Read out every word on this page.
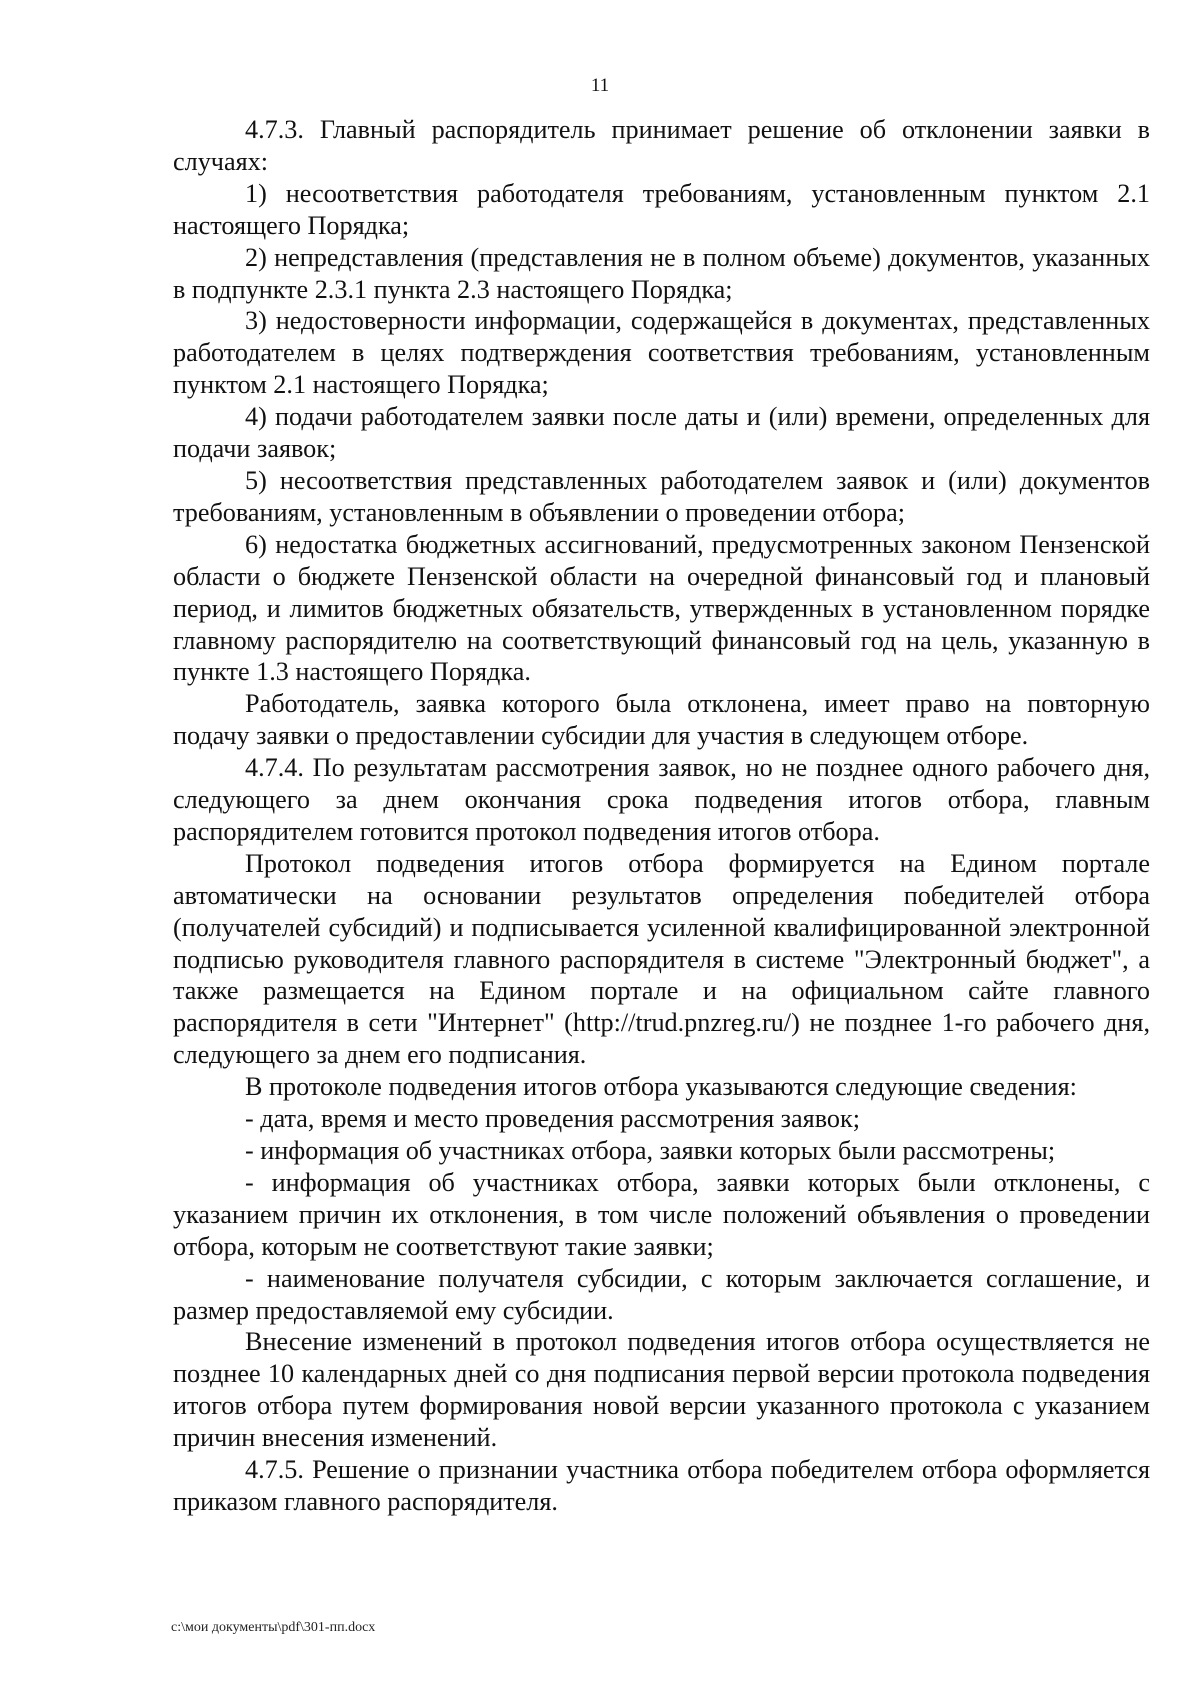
11

4.7.3. Главный распорядитель принимает решение об отклонении заявки в случаях:

1) несоответствия работодателя требованиям, установленным пунктом 2.1 настоящего Порядка;

2) непредставления (представления не в полном объеме) документов, указанных в подпункте 2.3.1 пункта 2.3 настоящего Порядка;

3) недостоверности информации, содержащейся в документах, представленных работодателем в целях подтверждения соответствия требованиям, установленным пунктом 2.1 настоящего Порядка;

4) подачи работодателем заявки после даты и (или) времени, определенных для подачи заявок;

5) несоответствия представленных работодателем заявок и (или) документов требованиям, установленным в объявлении о проведении отбора;

6) недостатка бюджетных ассигнований, предусмотренных законом Пензенской области о бюджете Пензенской области на очередной финансовый год и плановый период, и лимитов бюджетных обязательств, утвержденных в установленном порядке главному распорядителю на соответствующий финансовый год на цель, указанную в пункте 1.3 настоящего Порядка.

Работодатель, заявка которого была отклонена, имеет право на повторную подачу заявки о предоставлении субсидии для участия в следующем отборе.

4.7.4. По результатам рассмотрения заявок, но не позднее одного рабочего дня, следующего за днем окончания срока подведения итогов отбора, главным распорядителем готовится протокол подведения итогов отбора.

Протокол подведения итогов отбора формируется на Едином портале автоматически на основании результатов определения победителей отбора (получателей субсидий) и подписывается усиленной квалифицированной электронной подписью руководителя главного распорядителя в системе "Электронный бюджет", а также размещается на Едином портале и на официальном сайте главного распорядителя в сети "Интернет" (http://trud.pnzreg.ru/) не позднее 1-го рабочего дня, следующего за днем его подписания.

В протоколе подведения итогов отбора указываются следующие сведения:

- дата, время и место проведения рассмотрения заявок;

- информация об участниках отбора, заявки которых были рассмотрены;

- информация об участниках отбора, заявки которых были отклонены, с указанием причин их отклонения, в том числе положений объявления о проведении отбора, которым не соответствуют такие заявки;

- наименование получателя субсидии, с которым заключается соглашение, и размер предоставляемой ему субсидии.

Внесение изменений в протокол подведения итогов отбора осуществляется не позднее 10 календарных дней со дня подписания первой версии протокола подведения итогов отбора путем формирования новой версии указанного протокола с указанием причин внесения изменений.

4.7.5. Решение о признании участника отбора победителем отбора оформляется приказом главного распорядителя.

c:\мои документы\pdf\301-пп.docx
